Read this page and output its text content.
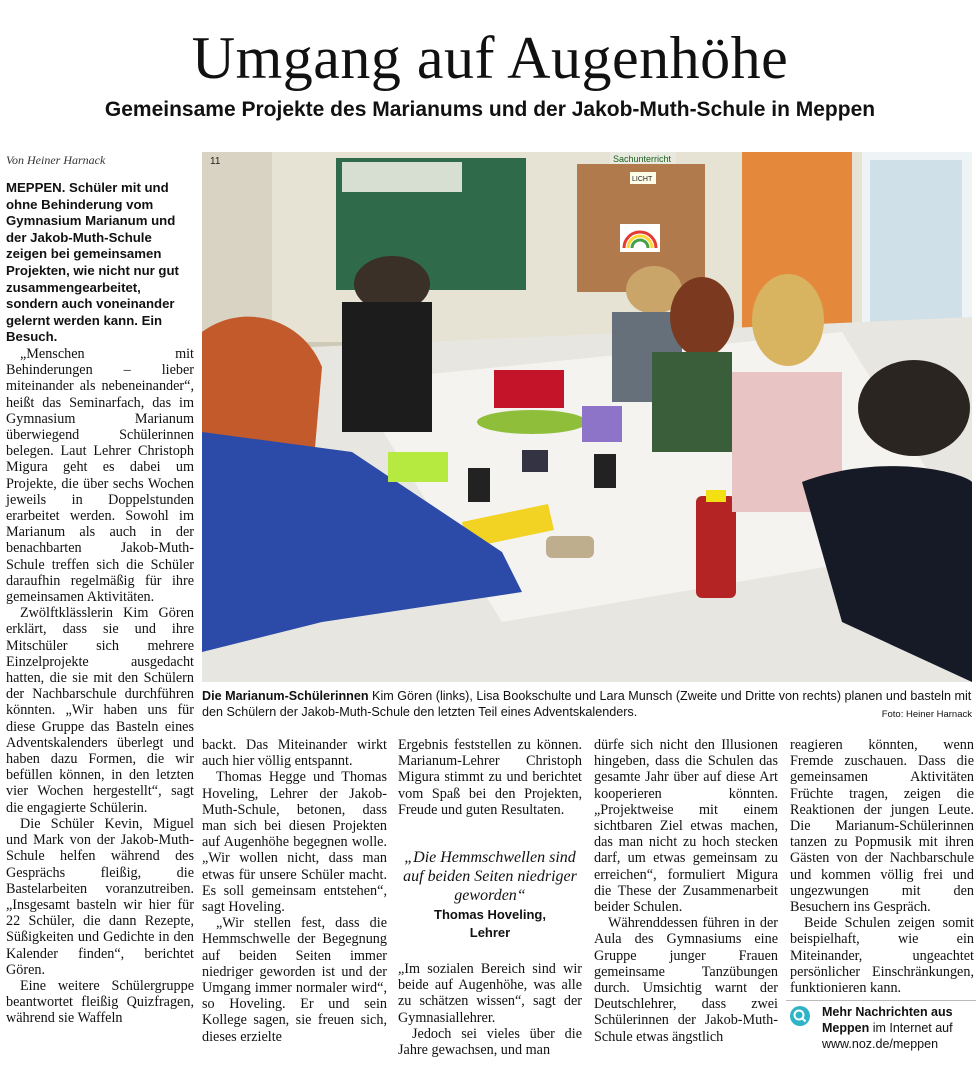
Umgang auf Augenhöhe
Gemeinsame Projekte des Marianums und der Jakob-Muth-Schule in Meppen
Von Heiner Harnack
MEPPEN. Schüler mit und ohne Behinderung vom Gymnasium Marianum und der Jakob-Muth-Schule zeigen bei gemeinsamen Projekten, wie nicht nur gut zusammengearbeitet, sondern auch voneinander gelernt werden kann. Ein Besuch.

„Menschen mit Behinderungen – lieber miteinander als nebeneinander“, heißt das Seminarfach, das im Gymnasium Marianum überwiegend Schülerinnen belegen. Laut Lehrer Christoph Migura geht es dabei um Projekte, die über sechs Wochen jeweils in Doppelstunden erarbeitet werden. Sowohl im Marianum als auch in der benachbarten Jakob-Muth-Schule treffen sich die Schüler daraufhin regelmäßig für ihre gemeinsamen Aktivitäten.

Zwölftklässlerin Kim Gören erklärt, dass sie und ihre Mitschüler sich mehrere Einzelprojekte ausgedacht hatten, die sie mit den Schülern der Nachbarschule durchführen könnten. „Wir haben uns für diese Gruppe das Basteln eines Adventskalenders überlegt und haben dazu Formen, die wir befüllen können, in den letzten vier Wochen hergestellt“, sagt die engagierte Schülerin.

Die Schüler Kevin, Miguel und Mark von der Jakob-Muth-Schule helfen während des Gesprächs fleißig, die Bastelarbeiten voranzutreiben. „Insgesamt basteln wir hier für 22 Schüler, die dann Rezepte, Süßigkeiten und Gedichte in den Kalender finden“, berichtet Gören.

Eine weitere Schülergruppe beantwortet fleißig Quizfragen, während sie Waffeln

11	Sachunterricht
LICHT
Die Marianum-Schülerinnen Kim Gören (links), Lisa Bookschulte und Lara Munsch (Zweite und Dritte von rechts) planen und basteln mit den Schülern der Jakob-Muth-Schule den letzten Teil eines Adventskalenders.	Foto: Heiner Harnack

backt. Das Miteinander wirkt auch hier völlig entspannt.

Thomas Hegge und Thomas Hoveling, Lehrer der Jakob-Muth-Schule, betonen, dass man sich bei diesen Projekten auf Augenhöhe begegnen wolle. „Wir wollen nicht, dass man etwas für unsere Schüler macht. Es soll gemeinsam entstehen“, sagt Hoveling.

„Wir stellen fest, dass die Hemmschwelle der Begegnung auf beiden Seiten immer niedriger geworden ist und der Umgang immer normaler wird“, so Hoveling. Er und sein Kollege sagen, sie freuen sich, dieses erzielte

Ergebnis feststellen zu können. Marianum-Lehrer Christoph Migura stimmt zu und berichtet vom Spaß bei den Projekten, Freude und guten Resultaten.

„Die Hemmschwellen sind auf beiden Seiten niedriger geworden“
Thomas Hoveling,
Lehrer

„Im sozialen Bereich sind wir beide auf Augenhöhe, was alle zu schätzen wissen“, sagt der Gymnasiallehrer.

Jedoch sei vieles über die Jahre gewachsen, und man

dürfe sich nicht den Illusionen hingeben, dass die Schulen das gesamte Jahr über auf diese Art kooperieren könnten. „Projektweise mit einem sichtbaren Ziel etwas machen, das man nicht zu hoch stecken darf, um etwas gemeinsam zu erreichen“, formuliert Migura die These der Zusammenarbeit beider Schulen.

Währenddessen führen in der Aula des Gymnasiums eine Gruppe junger Frauen gemeinsame Tanzübungen durch. Umsichtig warnt der Deutschlehrer, dass zwei Schülerinnen der Jakob-Muth-Schule etwas ängstlich

reagieren könnten, wenn Fremde zuschauen. Dass die gemeinsamen Aktivitäten Früchte tragen, zeigen die Reaktionen der jungen Leute. Die Marianum-Schülerinnen tanzen zu Popmusik mit ihren Gästen von der Nachbarschule und kommen völlig frei und ungezwungen mit den Besuchern ins Gespräch.

Beide Schulen zeigen somit beispielhaft, wie ein Miteinander, ungeachtet persönlicher Einschränkungen, funktionieren kann.

Mehr Nachrichten aus Meppen im Internet auf
www.noz.de/meppen
